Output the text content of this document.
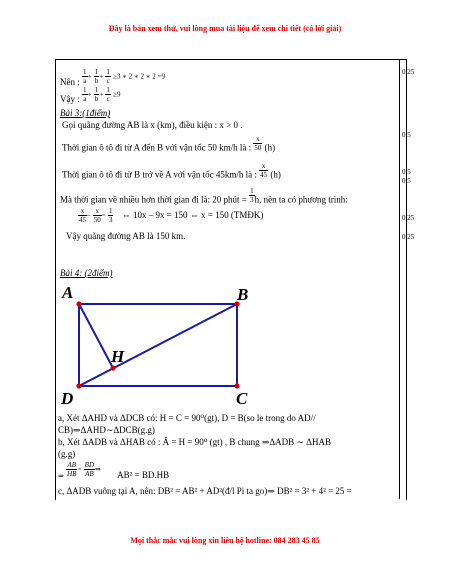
Đây là bản xem thử, vui lòng mua tài liệu để xem chi tiết (có lời giải)
Nên : $\frac{1}{a} + \frac{1}{b} + \frac{1}{c} \ge 3$ ∗ 2 ∗ 2 ∗ 2 =9
Vậy : $\frac{1}{a} + \frac{1}{b} + \frac{1}{c} \ge 9$
Bài 3:(1điểm)
Gọi quãng đường AB là x (km), điều kiện : x > 0 .
Thời gian ô tô đi từ A đến B với vận tốc 50 km/h là : $\frac{x}{50} (h)$
Thời gian ô tô đi từ B trở về A với vận tốc 45km/h là : $\frac{x}{45} (h)$
Mà thời gian về nhiều hơn thời gian đi là: 20 phút = $\frac{1}{3} h$, nên ta có phương trình:
$\frac{x}{45} - \frac{x}{50} = \frac{1}{3}$ ⇔ 10x – 9x = 150 ⇔ x = 150 (TMĐK)
Vậy quãng đường AB là 150 km.
Bài 4: (2điểm)
A	B
C
D
H
a, Xét ΔAHD và ΔDCB có: H = C = 90⁰(gt), D = B(so le trong do AD//
CB)⇒ΔAHD∼ΔDCB(g.g)
b, Xét ΔADB và ΔHAB có : Â = H = 90⁰ (gt) , B chung ⇒ΔADB ∼ ΔHAB
(g.g)
$_\Rightarrow \frac{AB}{HB} = \frac{BD}{AB}$ ⇒ AB² = BD.HB
c, ΔADB vuông tại A, nên: DB² = AB² + AD²(đ/l Pi ta go)⇒ DB² = 3² + 4² = 25 =
0,25
0,5
0,5
0,5
0,25
0,25
Mọi thắc mắc vui lòng xin liên hệ hotline: 084 283 45 85
